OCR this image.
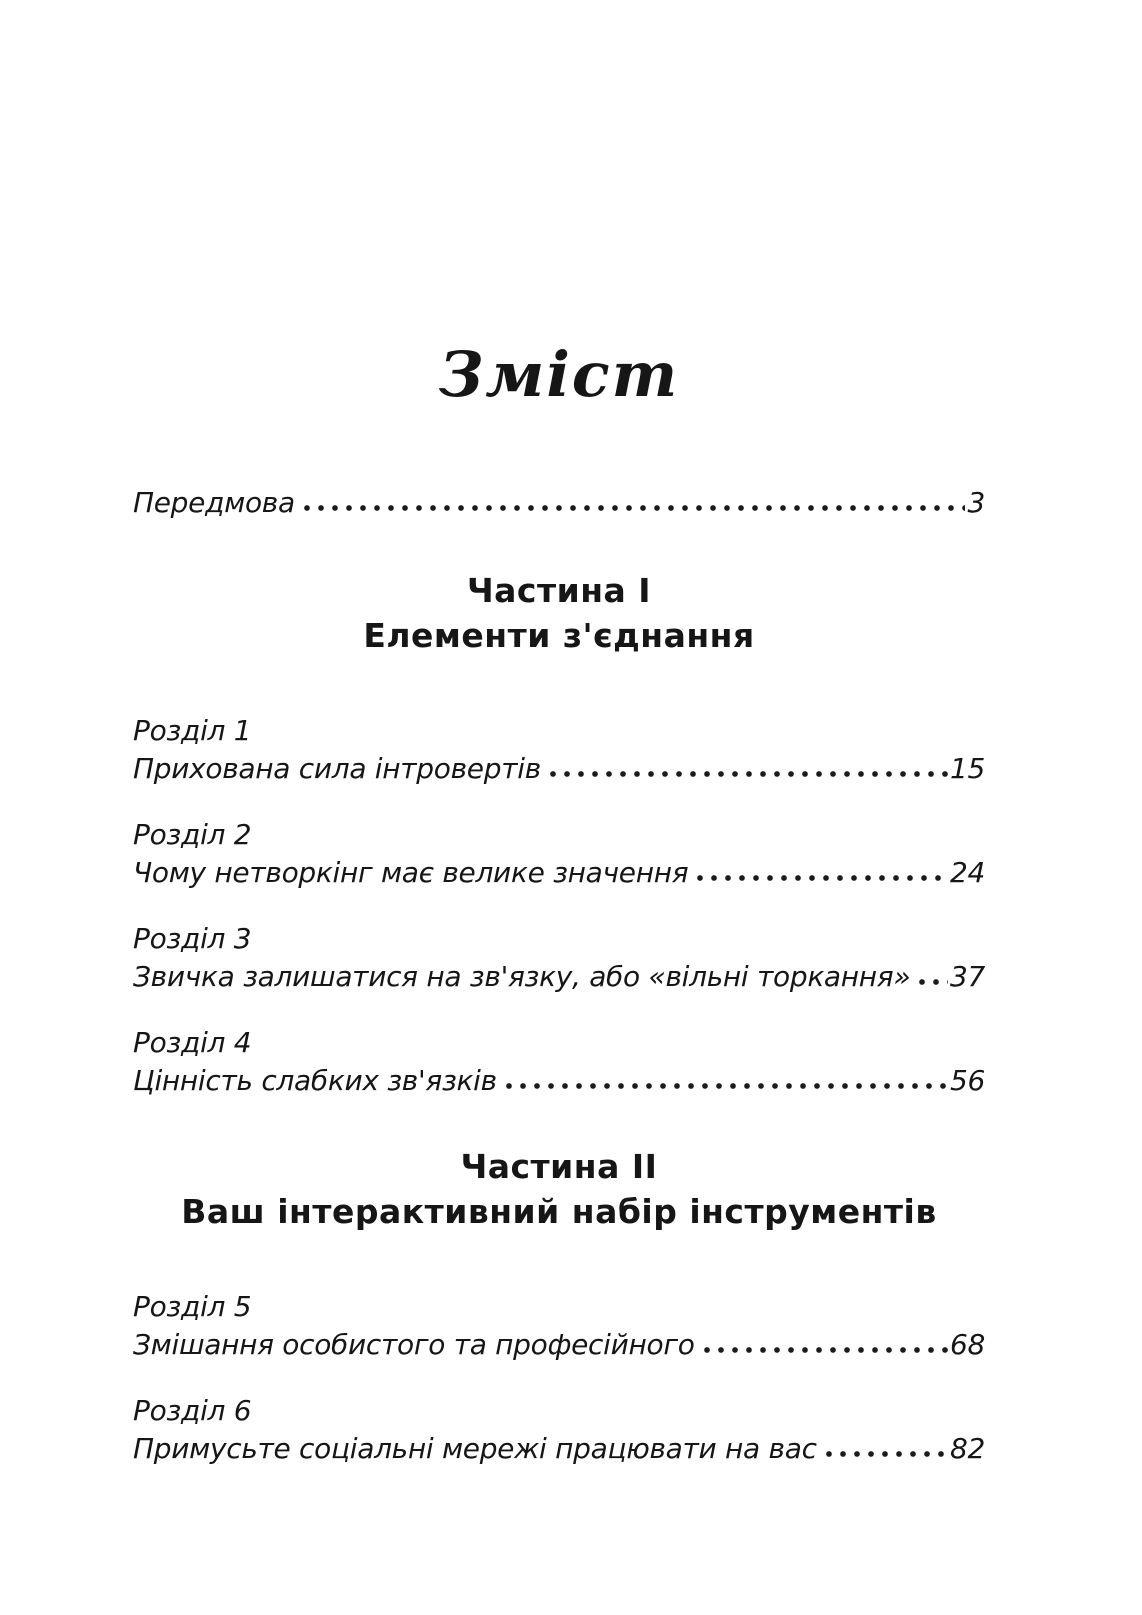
Зміст
Передмова	3
Частина I
Елементи з'єднання
Розділ 1
Прихована сила інтровертів	15
Розділ 2
Чому нетворкінг має велике значення	24
Розділ 3
Звичка залишатися на зв'язку, або «вільні торкання» 37
Розділ 4
Цінність слабких зв'язків	56
Частина II
Ваш інтерактивний набір інструментів
Розділ 5
Змішання особистого та професійного	68
Розділ 6
Примусьте соціальні мережі працювати на вас	82
